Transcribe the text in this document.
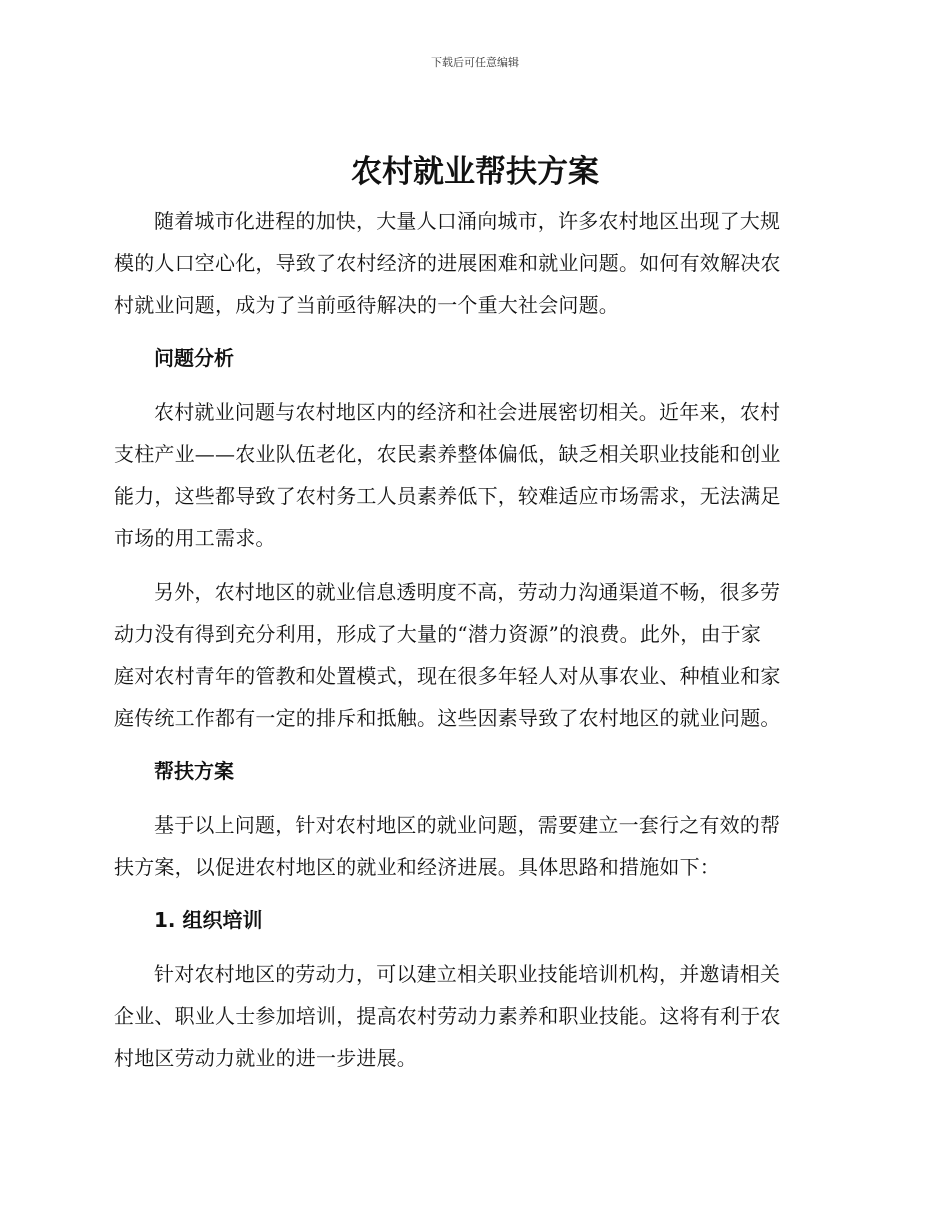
下载后可任意编辑
农村就业帮扶方案
随着城市化进程的加快，大量人口涌向城市，许多农村地区出现了大规
模的人口空心化，导致了农村经济的进展困难和就业问题。如何有效解决农
村就业问题，成为了当前亟待解决的一个重大社会问题。
问题分析
农村就业问题与农村地区内的经济和社会进展密切相关。近年来，农村
支柱产业——农业队伍老化，农民素养整体偏低，缺乏相关职业技能和创业
能力，这些都导致了农村务工人员素养低下，较难适应市场需求，无法满足
市场的用工需求。
另外，农村地区的就业信息透明度不高，劳动力沟通渠道不畅，很多劳
动力没有得到充分利用，形成了大量的“潜力资源”的浪费。此外，由于家
庭对农村青年的管教和处置模式，现在很多年轻人对从事农业、种植业和家
庭传统工作都有一定的排斥和抵触。这些因素导致了农村地区的就业问题。
帮扶方案
基于以上问题，针对农村地区的就业问题，需要建立一套行之有效的帮
扶方案，以促进农村地区的就业和经济进展。具体思路和措施如下：
1. 组织培训
针对农村地区的劳动力，可以建立相关职业技能培训机构，并邀请相关
企业、职业人士参加培训，提高农村劳动力素养和职业技能。这将有利于农
村地区劳动力就业的进一步进展。
